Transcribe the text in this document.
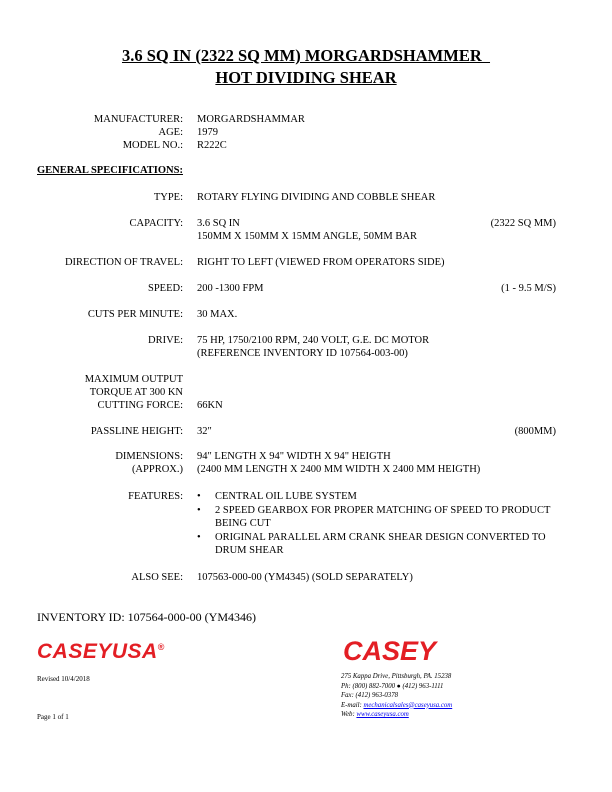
3.6 SQ IN (2322 SQ MM) MORGARDSHAMMER
HOT DIVIDING SHEAR
MANUFACTURER: MORGARDSHAMMAR
AGE: 1979
MODEL NO.: R222C
GENERAL SPECIFICATIONS:
TYPE: ROTARY FLYING DIVIDING AND COBBLE SHEAR
CAPACITY: 3.6 SQ IN	(2322 SQ MM)
150MM X 150MM X 15MM ANGLE, 50MM BAR
DIRECTION OF TRAVEL: RIGHT TO LEFT (VIEWED FROM OPERATORS SIDE)
SPEED: 200 -1300 FPM	(1 - 9.5 M/S)
CUTS PER MINUTE: 30 MAX.
DRIVE: 75 HP, 1750/2100 RPM, 240 VOLT, G.E. DC MOTOR
(REFERENCE INVENTORY ID 107564-003-00)
MAXIMUM OUTPUT
TORQUE AT 300 KN
CUTTING FORCE: 66KN
PASSLINE HEIGHT: 32"	(800MM)
DIMENSIONS: 94" LENGTH X 94" WIDTH X 94" HEIGTH
(APPROX.) (2400 MM LENGTH X 2400 MM WIDTH X 2400 MM HEIGTH)
FEATURES: • CENTRAL OIL LUBE SYSTEM
• 2 SPEED GEARBOX FOR PROPER MATCHING OF SPEED TO PRODUCT BEING CUT
• ORIGINAL PARALLEL ARM CRANK SHEAR DESIGN CONVERTED TO DRUM SHEAR
ALSO SEE: 107563-000-00 (YM4345) (SOLD SEPARATELY)
INVENTORY ID: 107564-000-00 (YM4346)
CASEYUSA®	CASEY
Revised 10/4/2018
Page 1 of 1
275 Kappa Drive, Pittsburgh, PA. 15238
Ph: (800) 882-7000 ● (412) 963-1111
Fax: (412) 963-0378
E-mail: mechanicalsales@caseyusa.com
Web: www.caseyusa.com
